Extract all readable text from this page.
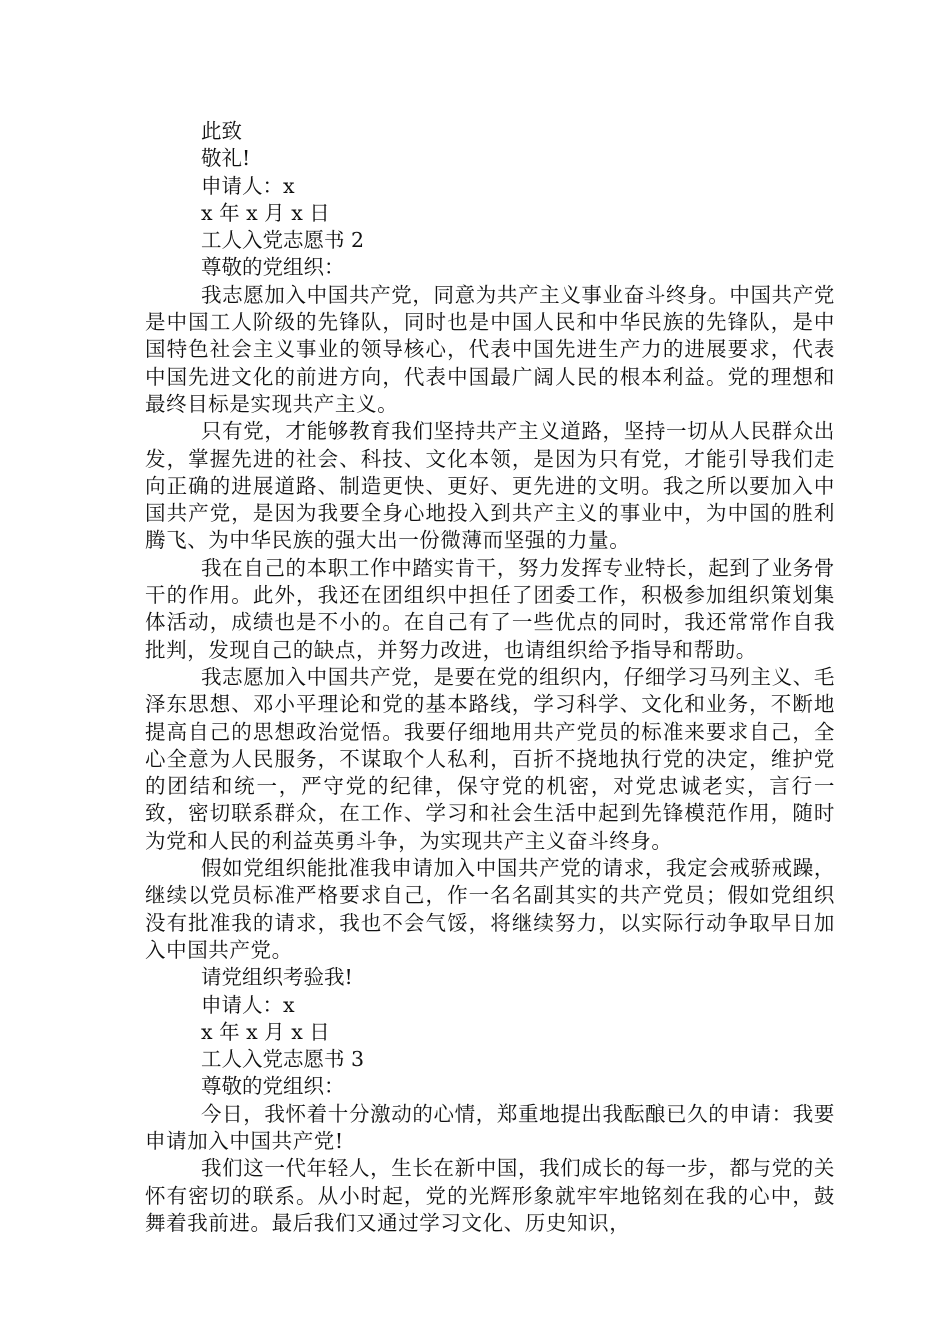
此致
敬礼!
申请人：x
x 年 x 月 x 日
工人入党志愿书 2
尊敬的党组织：

我志愿加入中国共产党，同意为共产主义事业奋斗终身。中国共产党是中国工人阶级的先锋队，同时也是中国人民和中华民族的先锋队，是中国特色社会主义事业的领导核心，代表中国先进生产力的进展要求，代表中国先进文化的前进方向，代表中国最广阔人民的根本利益。党的理想和最终目标是实现共产主义。

只有党，才能够教育我们坚持共产主义道路，坚持一切从人民群众出发，掌握先进的社会、科技、文化本领，是因为只有党，才能引导我们走向正确的进展道路、制造更快、更好、更先进的文明。我之所以要加入中国共产党，是因为我要全身心地投入到共产主义的事业中，为中国的胜利腾飞、为中华民族的强大出一份微薄而坚强的力量。

我在自己的本职工作中踏实肯干，努力发挥专业特长，起到了业务骨干的作用。此外，我还在团组织中担任了团委工作，积极参加组织策划集体活动，成绩也是不小的。在自己有了一些优点的同时，我还常常作自我批判，发现自己的缺点，并努力改进，也请组织给予指导和帮助。

我志愿加入中国共产党，是要在党的组织内，仔细学习马列主义、毛泽东思想、邓小平理论和党的基本路线，学习科学、文化和业务，不断地提高自己的思想政治觉悟。我要仔细地用共产党员的标准来要求自己，全心全意为人民服务，不谋取个人私利，百折不挠地执行党的决定，维护党的团结和统一，严守党的纪律，保守党的机密，对党忠诚老实，言行一致，密切联系群众，在工作、学习和社会生活中起到先锋模范作用，随时为党和人民的利益英勇斗争，为实现共产主义奋斗终身。

假如党组织能批准我申请加入中国共产党的请求，我定会戒骄戒躁，继续以党员标准严格要求自己，作一名名副其实的共产党员；假如党组织没有批准我的请求，我也不会气馁，将继续努力，以实际行动争取早日加入中国共产党。

请党组织考验我!
申请人：x
x 年 x 月 x 日
工人入党志愿书 3
尊敬的党组织：

今日，我怀着十分激动的心情，郑重地提出我酝酿已久的申请：我要申请加入中国共产党!

我们这一代年轻人，生长在新中国，我们成长的每一步，都与党的关怀有密切的联系。从小时起，党的光辉形象就牢牢地铭刻在我的心中，鼓舞着我前进。最后我们又通过学习文化、历史知识，
